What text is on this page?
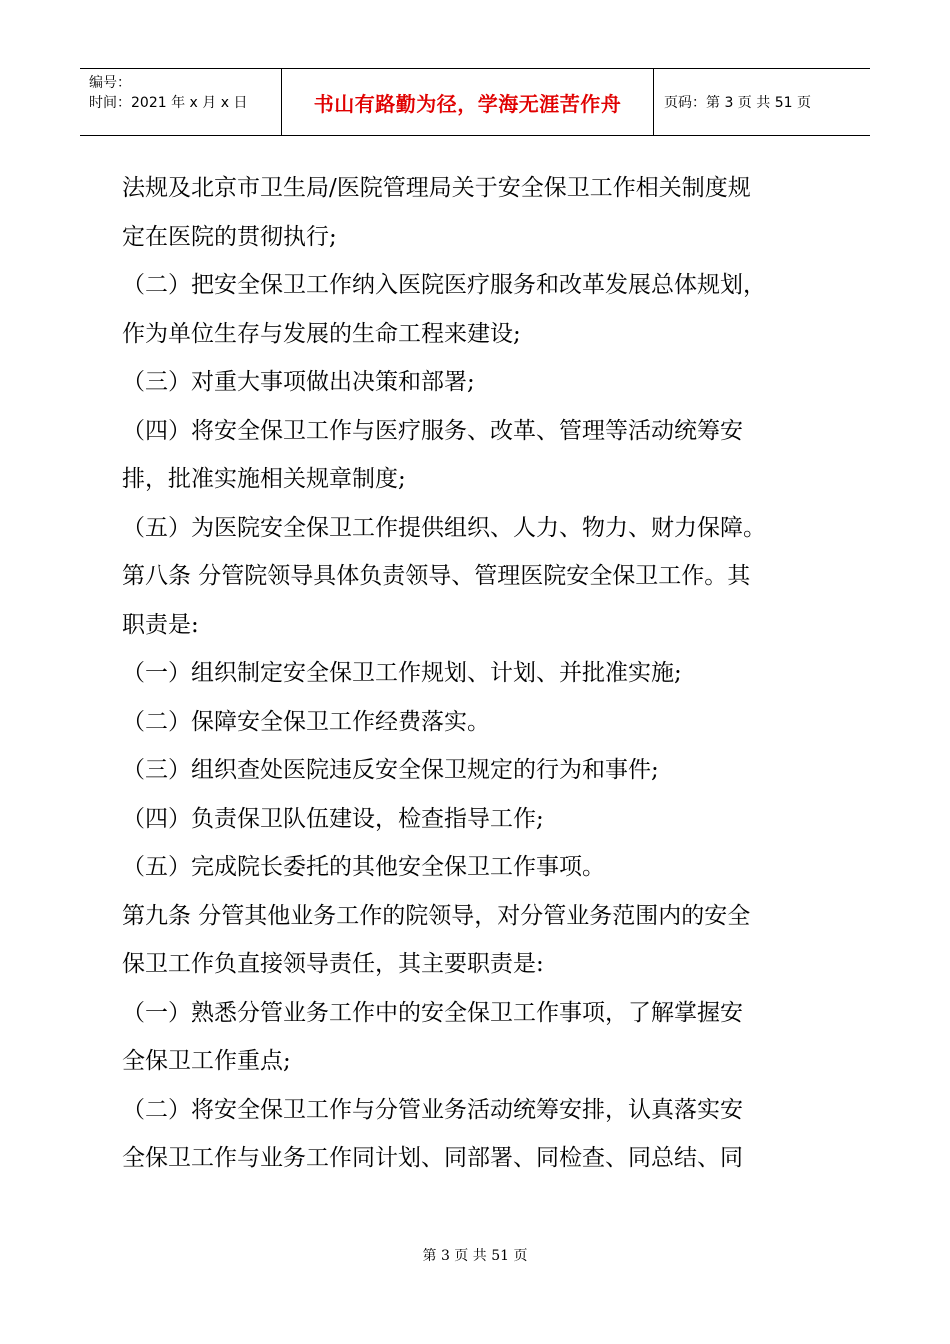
编号：
时间：2021 年 x 月 x 日	书山有路勤为径，学海无涯苦作舟	页码：第 3 页 共 51 页

法规及北京市卫生局/医院管理局关于安全保卫工作相关制度规

定在医院的贯彻执行;

（二）把安全保卫工作纳入医院医疗服务和改革发展总体规划，

作为单位生存与发展的生命工程来建设;

（三）对重大事项做出决策和部署;

（四）将安全保卫工作与医疗服务、改革、管理等活动统筹安

排，批准实施相关规章制度;

（五）为医院安全保卫工作提供组织、人力、物力、财力保障。

第八条 分管院领导具体负责领导、管理医院安全保卫工作。其

职责是:

（一）组织制定安全保卫工作规划、计划、并批准实施;

（二）保障安全保卫工作经费落实。

（三）组织查处医院违反安全保卫规定的行为和事件;

（四）负责保卫队伍建设，检查指导工作;

（五）完成院长委托的其他安全保卫工作事项。

第九条 分管其他业务工作的院领导，对分管业务范围内的安全

保卫工作负直接领导责任，其主要职责是:

（一）熟悉分管业务工作中的安全保卫工作事项，了解掌握安

全保卫工作重点;

（二）将安全保卫工作与分管业务活动统筹安排，认真落实安

全保卫工作与业务工作同计划、同部署、同检查、同总结、同

第 3 页 共 51 页
